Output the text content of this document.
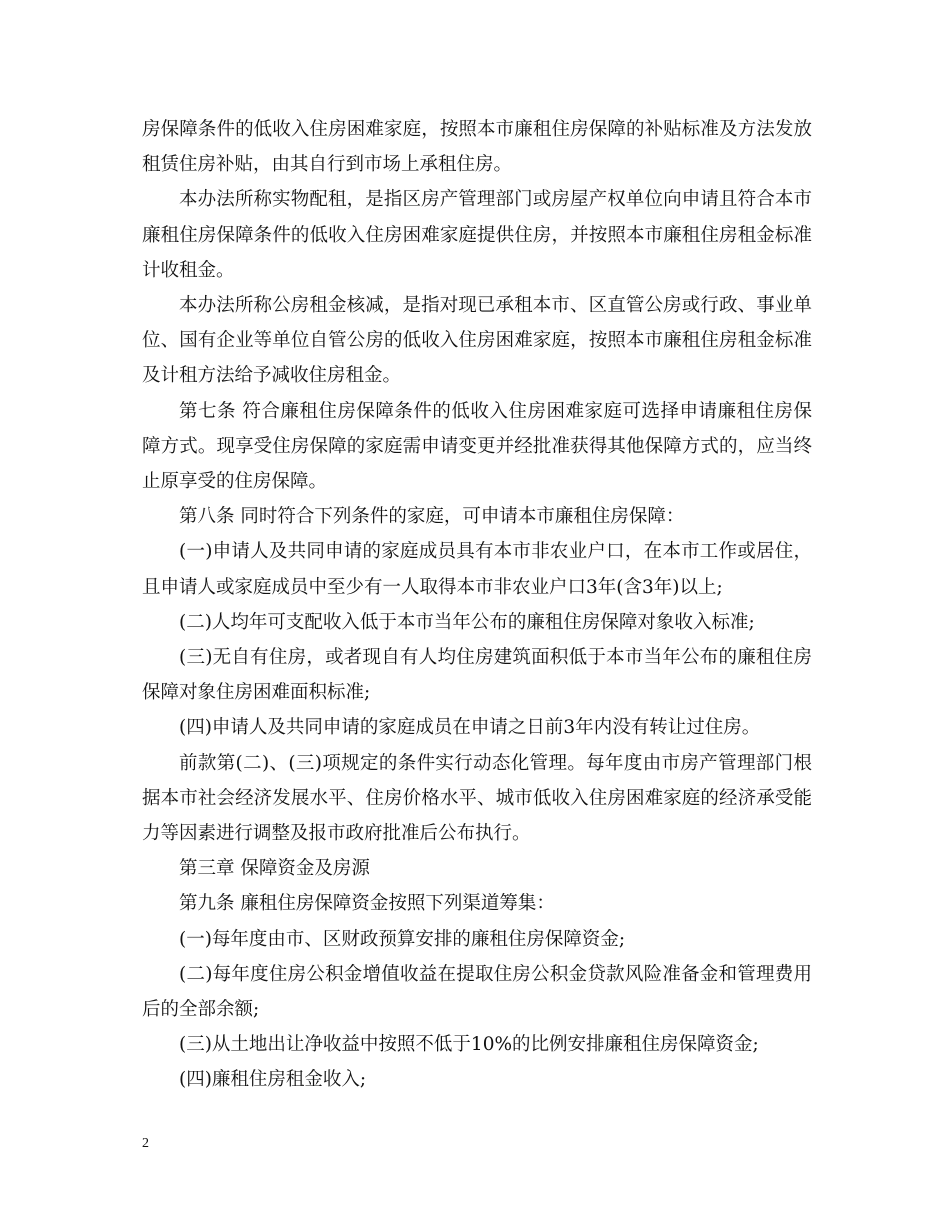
房保障条件的低收入住房困难家庭，按照本市廉租住房保障的补贴标准及方法发放租赁住房补贴，由其自行到市场上承租住房。

本办法所称实物配租，是指区房产管理部门或房屋产权单位向申请且符合本市廉租住房保障条件的低收入住房困难家庭提供住房，并按照本市廉租住房租金标准计收租金。

本办法所称公房租金核减，是指对现已承租本市、区直管公房或行政、事业单位、国有企业等单位自管公房的低收入住房困难家庭，按照本市廉租住房租金标准及计租方法给予减收住房租金。

第七条 符合廉租住房保障条件的低收入住房困难家庭可选择申请廉租住房保障方式。现享受住房保障的家庭需申请变更并经批准获得其他保障方式的，应当终止原享受的住房保障。

第八条 同时符合下列条件的家庭，可申请本市廉租住房保障：

(一)申请人及共同申请的家庭成员具有本市非农业户口，在本市工作或居住，且申请人或家庭成员中至少有一人取得本市非农业户口3年(含3年)以上;

(二)人均年可支配收入低于本市当年公布的廉租住房保障对象收入标准;

(三)无自有住房，或者现自有人均住房建筑面积低于本市当年公布的廉租住房保障对象住房困难面积标准;

(四)申请人及共同申请的家庭成员在申请之日前3年内没有转让过住房。

前款第(二)、(三)项规定的条件实行动态化管理。每年度由市房产管理部门根据本市社会经济发展水平、住房价格水平、城市低收入住房困难家庭的经济承受能力等因素进行调整及报市政府批准后公布执行。

第三章 保障资金及房源

第九条 廉租住房保障资金按照下列渠道筹集：

(一)每年度由市、区财政预算安排的廉租住房保障资金;

(二)每年度住房公积金增值收益在提取住房公积金贷款风险准备金和管理费用后的全部余额;

(三)从土地出让净收益中按照不低于10%的比例安排廉租住房保障资金;

(四)廉租住房租金收入;

2
